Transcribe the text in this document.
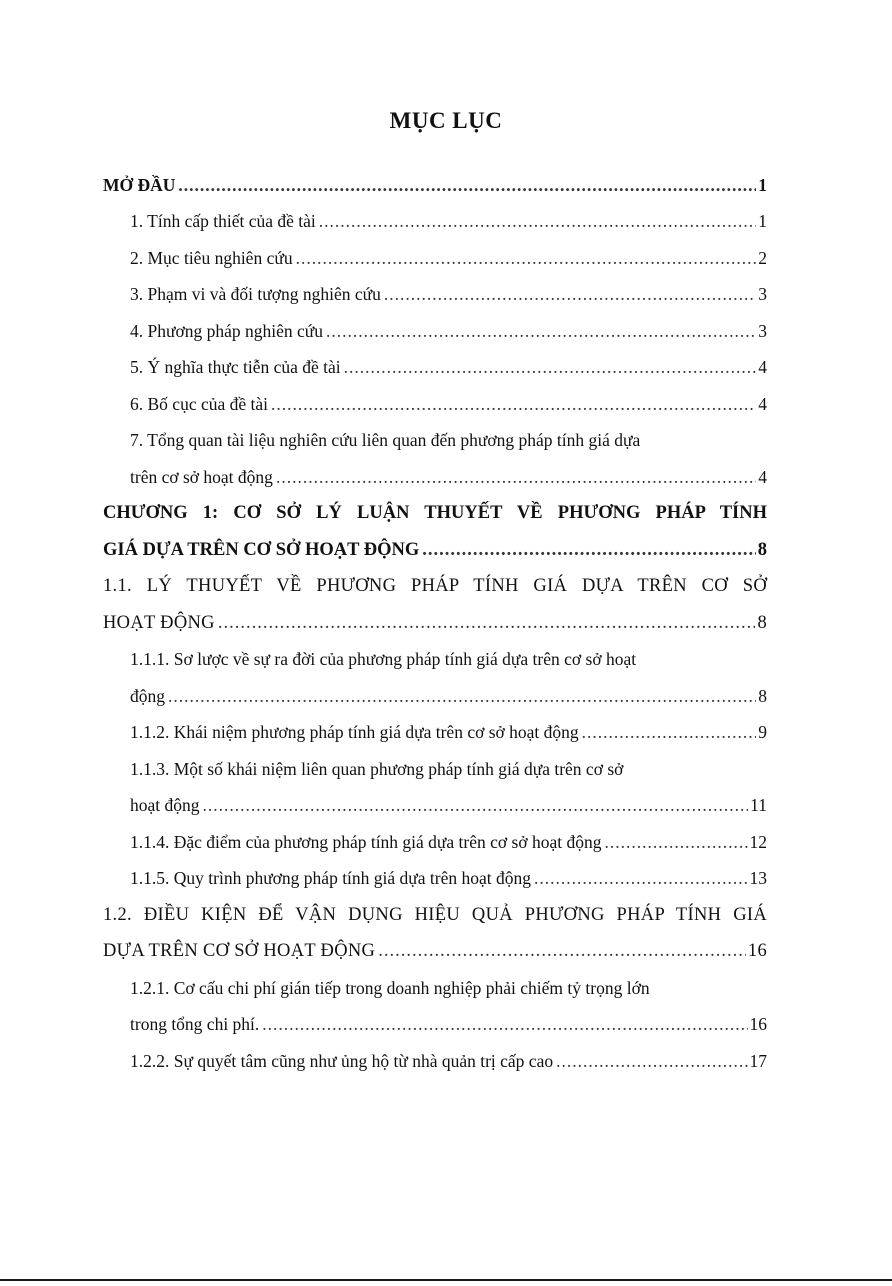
MỤC LỤC
MỞ ĐẦU .....	1
1. Tính cấp thiết của đề tài .....	1
2. Mục tiêu nghiên cứu .....	2
3. Phạm vi và đối tượng nghiên cứu .....	3
4. Phương pháp nghiên cứu .....	3
5. Ý nghĩa thực tiễn của đề tài .....	4
6. Bố cục của đề tài .....	4
7. Tổng quan tài liệu nghiên cứu liên quan đến phương pháp tính giá dựa
trên cơ sở hoạt động .....	4
CHƯƠNG 1: CƠ SỞ LÝ LUẬN THUYẾT VỀ PHƯƠNG PHÁP TÍNH
GIÁ DỰA TRÊN CƠ SỞ HOẠT ĐỘNG .....	8
1.1. LÝ THUYẾT VỀ PHƯƠNG PHÁP TÍNH GIÁ DỰA TRÊN CƠ SỞ
HOẠT ĐỘNG .....	8
1.1.1. Sơ lược về sự ra đời của phương pháp tính giá dựa trên cơ sở hoạt
động .....	8
1.1.2. Khái niệm phương pháp tính giá dựa trên cơ sở hoạt động .....	9
1.1.3. Một số khái niệm liên quan phương pháp tính giá dựa trên cơ sở
hoạt động .....	11
1.1.4. Đặc điểm của phương pháp tính giá dựa trên cơ sở hoạt động .....	12
1.1.5. Quy trình phương pháp tính giá dựa trên hoạt động .....	13
1.2. ĐIỀU KIỆN ĐỂ VẬN DỤNG HIỆU QUẢ PHƯƠNG PHÁP TÍNH GIÁ
DỰA TRÊN CƠ SỞ HOẠT ĐỘNG .....	16
1.2.1. Cơ cấu chi phí gián tiếp trong doanh nghiệp phải chiếm tỷ trọng lớn
trong tổng chi phí. .....	16
1.2.2. Sự quyết tâm cũng như ủng hộ từ nhà quản trị cấp cao .....	17
